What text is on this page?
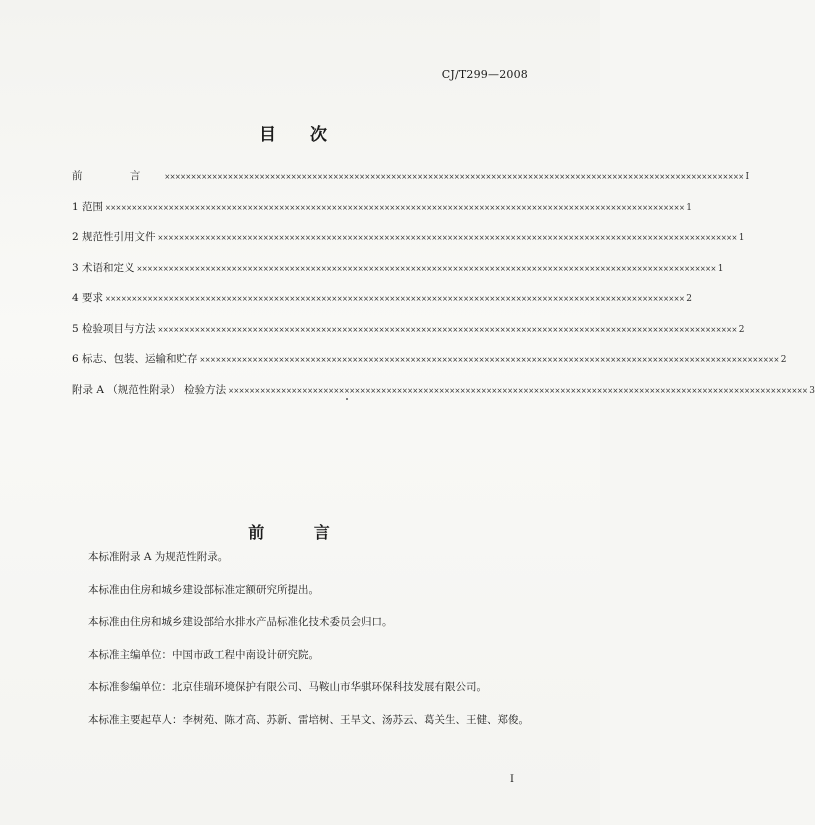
CJ/T299—2008
目 次
前 言 ×××××××××××××××××××××××××××××××××××××××××××××××××××××××××××××××××××××××××××××××××××××××××××××××××××××××××××××× I
1 范围 ×××××××××××××××××××××××××××××××××××××××××××××××××××××××××××××××××××××××××××××××××××××××××××××××××××××××××××××× 1
2 规范性引用文件 ×××××××××××××××××××××××××××××××××××××××××××××××××××××××××××××××××××××××××××××××××××××××××××××××××××××××××××××× 1
3 术语和定义 ×××××××××××××××××××××××××××××××××××××××××××××××××××××××××××××××××××××××××××××××××××××××××××××××××××××××××××××× 1
4 要求 ×××××××××××××××××××××××××××××××××××××××××××××××××××××××××××××××××××××××××××××××××××××××××××××××××××××××××××××× 2
5 检验项目与方法 ×××××××××××××××××××××××××××××××××××××××××××××××××××××××××××××××××××××××××××××××××××××××××××××××××××××××××××××× 2
6 标志、包装、运输和贮存 ×××××××××××××××××××××××××××××××××××××××××××××××××××××××××××××××××××××××××××××××××××××××××××××××××××××××××××××× 2
附录 A （规范性附录） 检验方法 ×××××××××××××××××××××××××××××××××××××××××××××××××××××××××××××××××××××××××××××××××××××××××××××××××××××××××××××× 3
前 言

本标准附录 A 为规范性附录。

本标准由住房和城乡建设部标准定额研究所提出。

本标准由住房和城乡建设部给水排水产品标准化技术委员会归口。

本标准主编单位：中国市政工程中南设计研究院。

本标准参编单位：北京佳瑞环境保护有限公司、马鞍山市华骐环保科技发展有限公司。

本标准主要起草人：李树苑、陈才高、苏新、雷培树、王旱文、汤苏云、葛关生、王健、郑俊。

I
